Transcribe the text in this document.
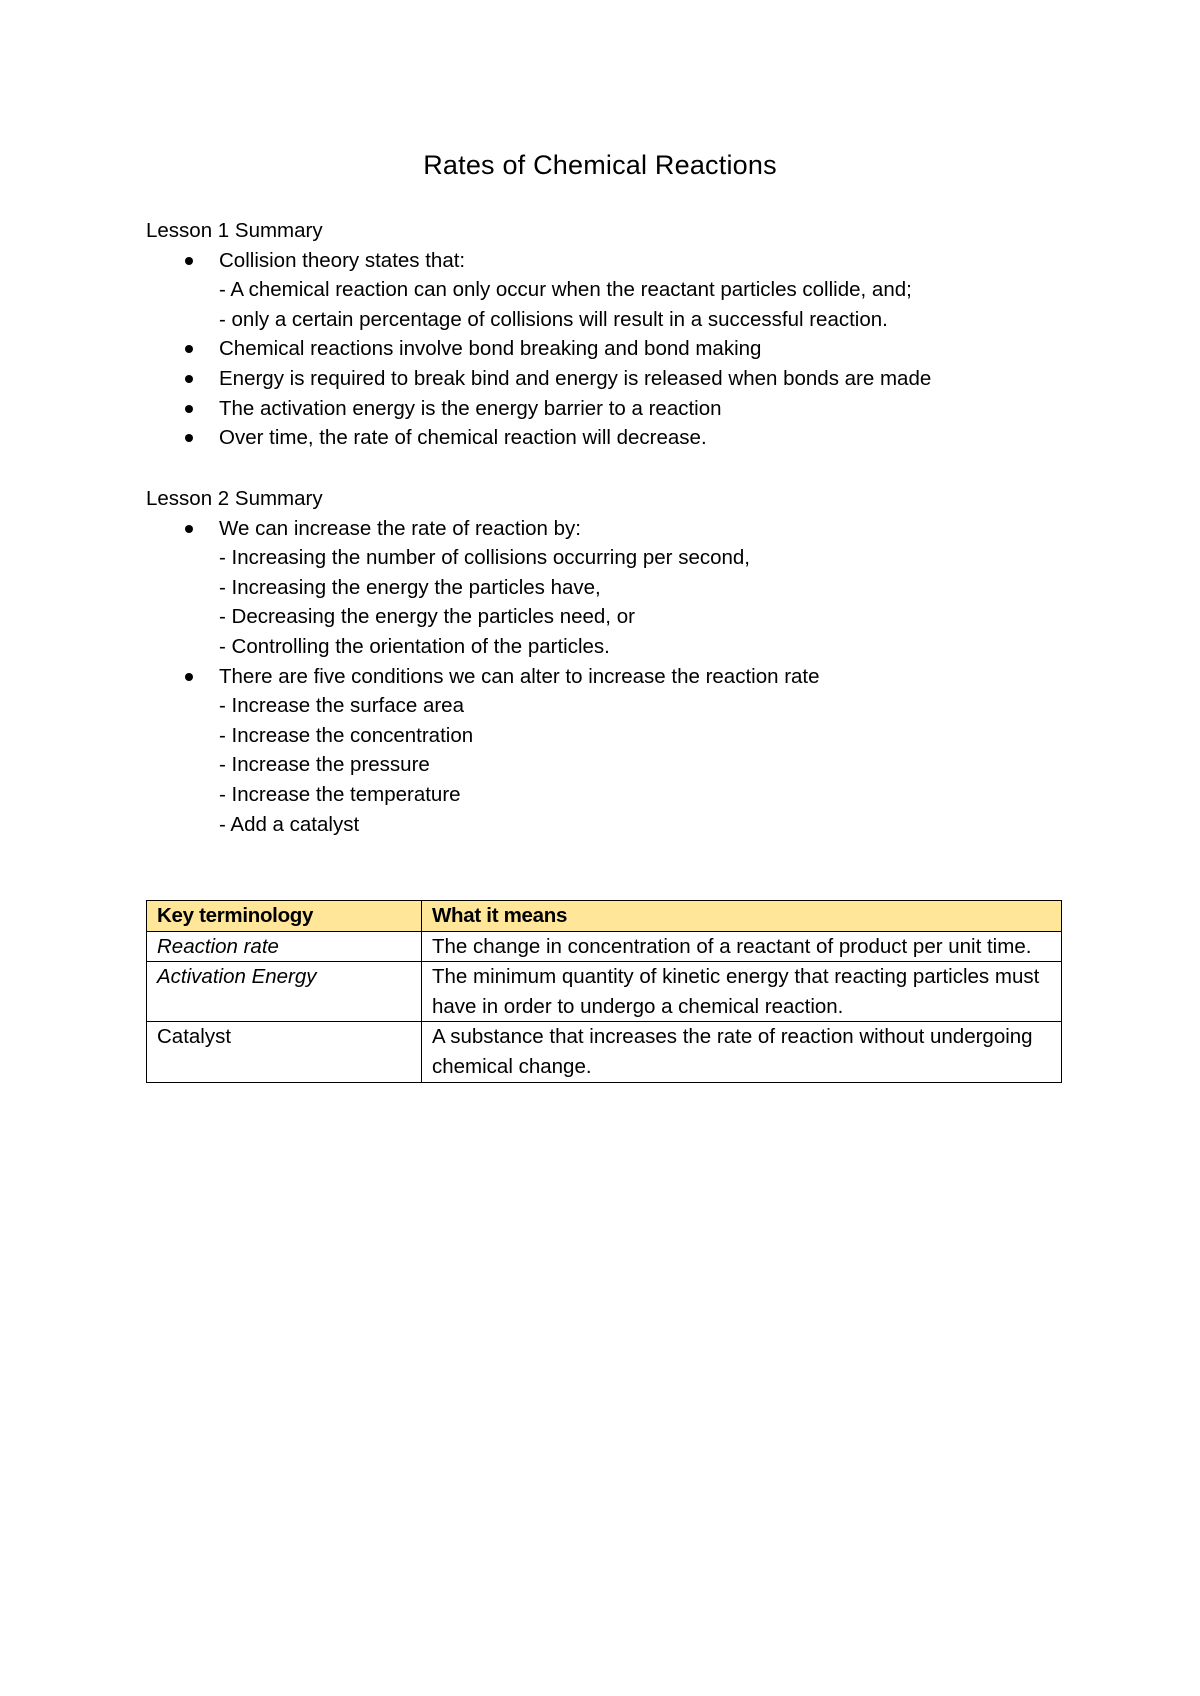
Rates of Chemical Reactions

Lesson 1 Summary

Collision theory states that:
- A chemical reaction can only occur when the reactant particles collide, and;
- only a certain percentage of collisions will result in a successful reaction.
Chemical reactions involve bond breaking and bond making
Energy is required to break bind and energy is released when bonds are made
The activation energy is the energy barrier to a reaction
Over time, the rate of chemical reaction will decrease.

Lesson 2 Summary

We can increase the rate of reaction by:
- Increasing the number of collisions occurring per second,
- Increasing the energy the particles have,
- Decreasing the energy the particles need, or
- Controlling the orientation of the particles.
There are five conditions we can alter to increase the reaction rate
- Increase the surface area
- Increase the concentration
- Increase the pressure
- Increase the temperature
- Add a catalyst
Key terminology	What it means
Reaction rate	The change in concentration of a reactant of product per unit time.
Activation Energy	The minimum quantity of kinetic energy that reacting particles must have in order to undergo a chemical reaction.
Catalyst	A substance that increases the rate of reaction without undergoing chemical change.
